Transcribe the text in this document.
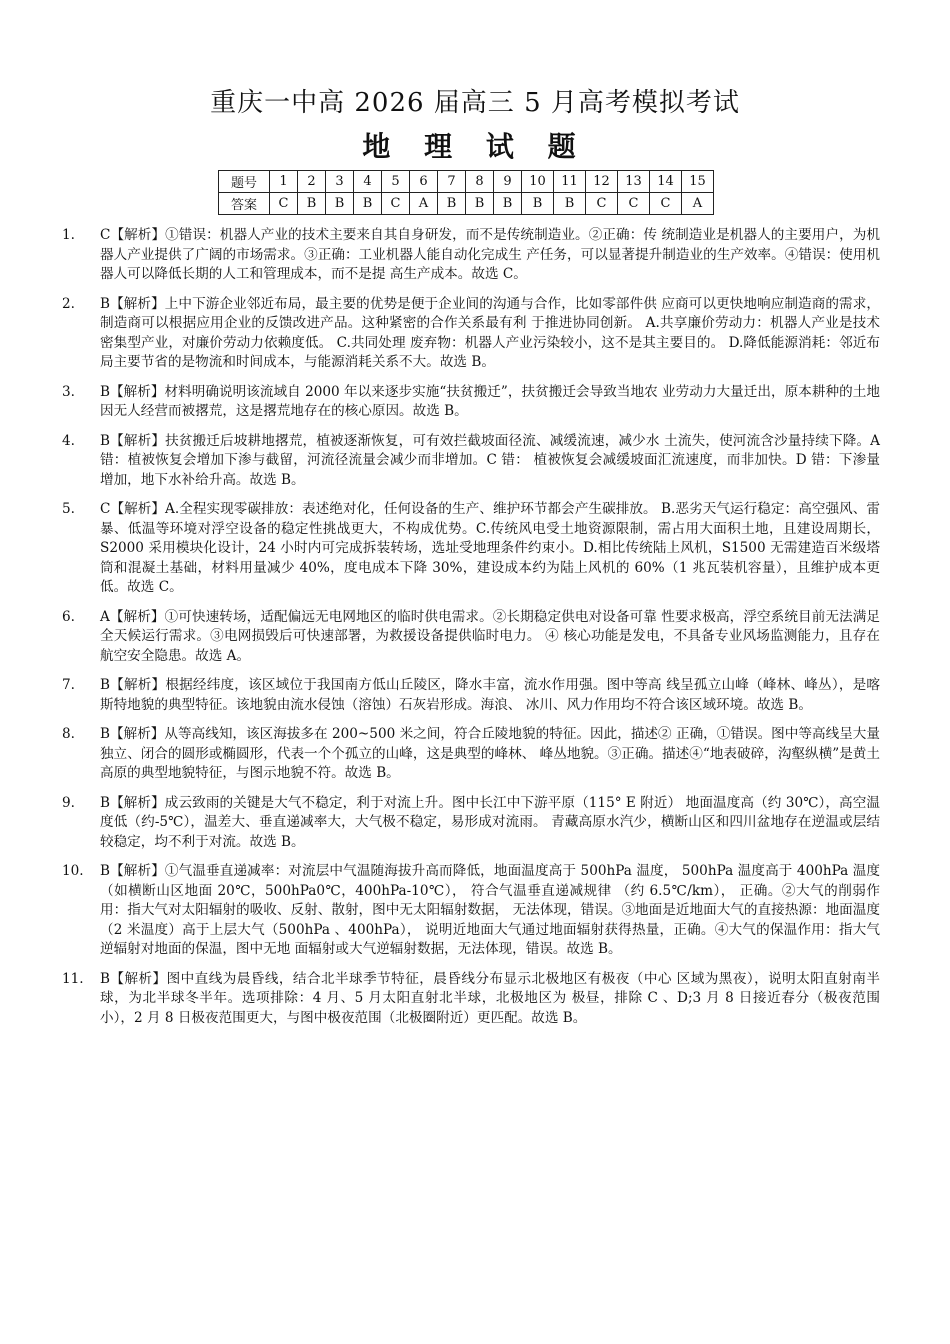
重庆一中高 2026 届高三 5 月高考模拟考试
地 理 试 题
题号	1	2	3	4	5	6	7	8	9	10	11	12	13	14	15
答案	C	B	B	B	C	A	B	B	B	B	B	C	C	C	A
1.	C【解析】①错误：机器人产业的技术主要来自其自身研发，而不是传统制造业。②正确：传 统制造业是机器人的主要用户，为机器人产业提供了广阔的市场需求。③正确：工业机器人能自动化完成生 产任务，可以显著提升制造业的生产效率。④错误：使用机器人可以降低长期的人工和管理成本，而不是提 高生产成本。故选 C。
2.	B【解析】上中下游企业邻近布局，最主要的优势是便于企业间的沟通与合作，比如零部件供 应商可以更快地响应制造商的需求，制造商可以根据应用企业的反馈改进产品。这种紧密的合作关系最有利 于推进协同创新。 A.共享廉价劳动力：机器人产业是技术密集型产业，对廉价劳动力依赖度低。 C.共同处理 废弃物：机器人产业污染较小，这不是其主要目的。 D.降低能源消耗：邻近布局主要节省的是物流和时间成本，与能源消耗关系不大。故选 B。
3.	B【解析】材料明确说明该流域自 2000 年以来逐步实施“扶贫搬迁”，扶贫搬迁会导致当地农 业劳动力大量迁出，原本耕种的土地因无人经营而被撂荒，这是撂荒地存在的核心原因。故选 B。
4.	B【解析】扶贫搬迁后坡耕地撂荒，植被逐渐恢复，可有效拦截坡面径流、减缓流速，减少水 土流失，使河流含沙量持续下降。A 错：植被恢复会增加下渗与截留，河流径流量会减少而非增加。C 错： 植被恢复会减缓坡面汇流速度，而非加快。D 错：下渗量增加，地下水补给升高。故选 B。
5.	C【解析】A.全程实现零碳排放：表述绝对化，任何设备的生产、维护环节都会产生碳排放。 B.恶劣天气运行稳定：高空强风、雷暴、低温等环境对浮空设备的稳定性挑战更大，不构成优势。C.传统风电受土地资源限制，需占用大面积土地，且建设周期长，S2000 采用模块化设计，24 小时内可完成拆装转场，选址受地理条件约束小。D.相比传统陆上风机，S1500 无需建造百米级塔筒和混凝土基础，材料用量减少 40%，度电成本下降 30%，建设成本约为陆上风机的 60%（1 兆瓦装机容量），且维护成本更低。故选 C。
6.	A【解析】①可快速转场，适配偏远无电网地区的临时供电需求。②长期稳定供电对设备可靠 性要求极高，浮空系统目前无法满足全天候运行需求。③电网损毁后可快速部署，为救援设备提供临时电力。 ④ 核心功能是发电，不具备专业风场监测能力，且存在航空安全隐患。故选 A。
7.	B【解析】根据经纬度，该区域位于我国南方低山丘陵区，降水丰富，流水作用强。图中等高 线呈孤立山峰（峰林、峰丛），是喀斯特地貌的典型特征。该地貌由流水侵蚀（溶蚀）石灰岩形成。海浪、 冰川、风力作用均不符合该区域环境。故选 B。
8.	B【解析】从等高线知，该区海拔多在 200~500 米之间，符合丘陵地貌的特征。因此，描述② 正确，①错误。图中等高线呈大量独立、闭合的圆形或椭圆形，代表一个个孤立的山峰，这是典型的峰林、 峰丛地貌。③正确。描述④“地表破碎，沟壑纵横”是黄土高原的典型地貌特征，与图示地貌不符。故选 B。
9.	B【解析】成云致雨的关键是大气不稳定，利于对流上升。图中长江中下游平原（115° E 附近） 地面温度高（约 30℃），高空温度低（约-5℃），温差大、垂直递减率大，大气极不稳定，易形成对流雨。 青藏高原水汽少，横断山区和四川盆地存在逆温或层结较稳定，均不利于对流。故选 B。
10.	B【解析】①气温垂直递减率：对流层中气温随海拔升高而降低，地面温度高于 500hPa 温度， 500hPa 温度高于 400hPa 温度（如横断山区地面 20℃，500hPa0℃，400hPa-10℃）， 符合气温垂直递减规律 （约 6.5℃/km）， 正确。②大气的削弱作用：指大气对太阳辐射的吸收、反射、散射，图中无太阳辐射数据， 无法体现，错误。③地面是近地面大气的直接热源：地面温度（2 米温度）高于上层大气（500hPa 、400hPa）， 说明近地面大气通过地面辐射获得热量，正确。④大气的保温作用：指大气逆辐射对地面的保温，图中无地 面辐射或大气逆辐射数据，无法体现，错误。故选 B。
11.	B【解析】图中直线为晨昏线，结合北半球季节特征，晨昏线分布显示北极地区有极夜（中心 区域为黑夜），说明太阳直射南半球，为北半球冬半年。选项排除：4 月、5 月太阳直射北半球，北极地区为 极昼，排除 C 、D;3 月 8 日接近春分（极夜范围小），2 月 8 日极夜范围更大，与图中极夜范围（北极圈附近）更匹配。故选 B。
